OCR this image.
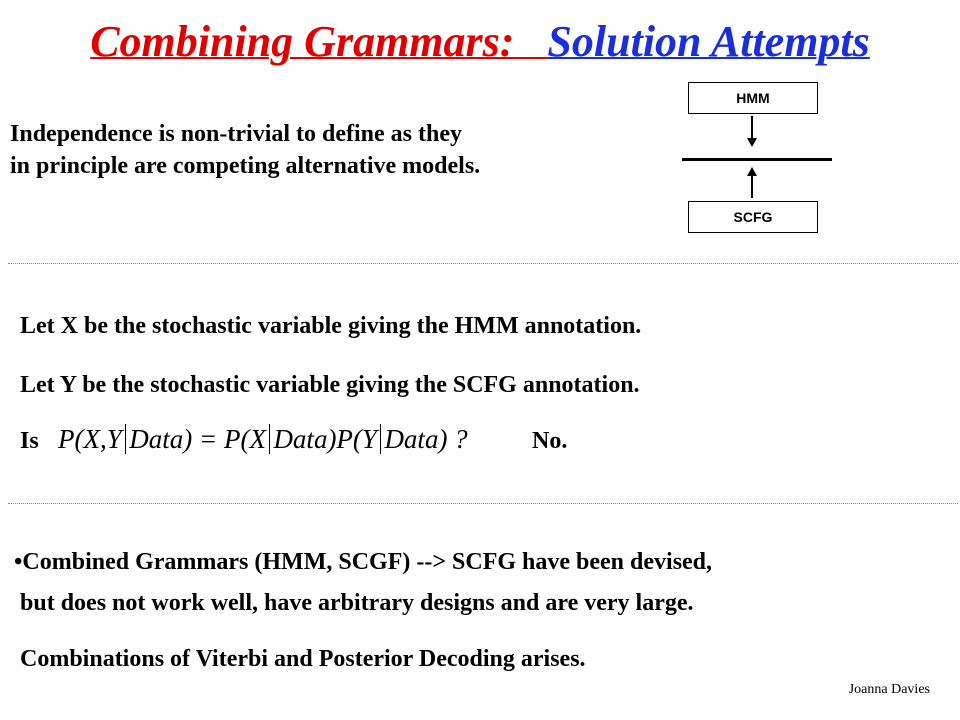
Combining Grammars: Solution Attempts
HMM
SCFG
Independence is non-trivial to define as they
in principle are competing alternative models.
Let X be the stochastic variable giving the HMM annotation.
Let Y be the stochastic variable giving the SCFG annotation.
Is P(X,Y Data) = P(X Data)P(Y Data) ?	No.
•Combined Grammars (HMM, SCGF) --> SCFG have been devised,
but does not work well, have arbitrary designs and are very large.
Combinations of Viterbi and Posterior Decoding arises.
Joanna Davies
